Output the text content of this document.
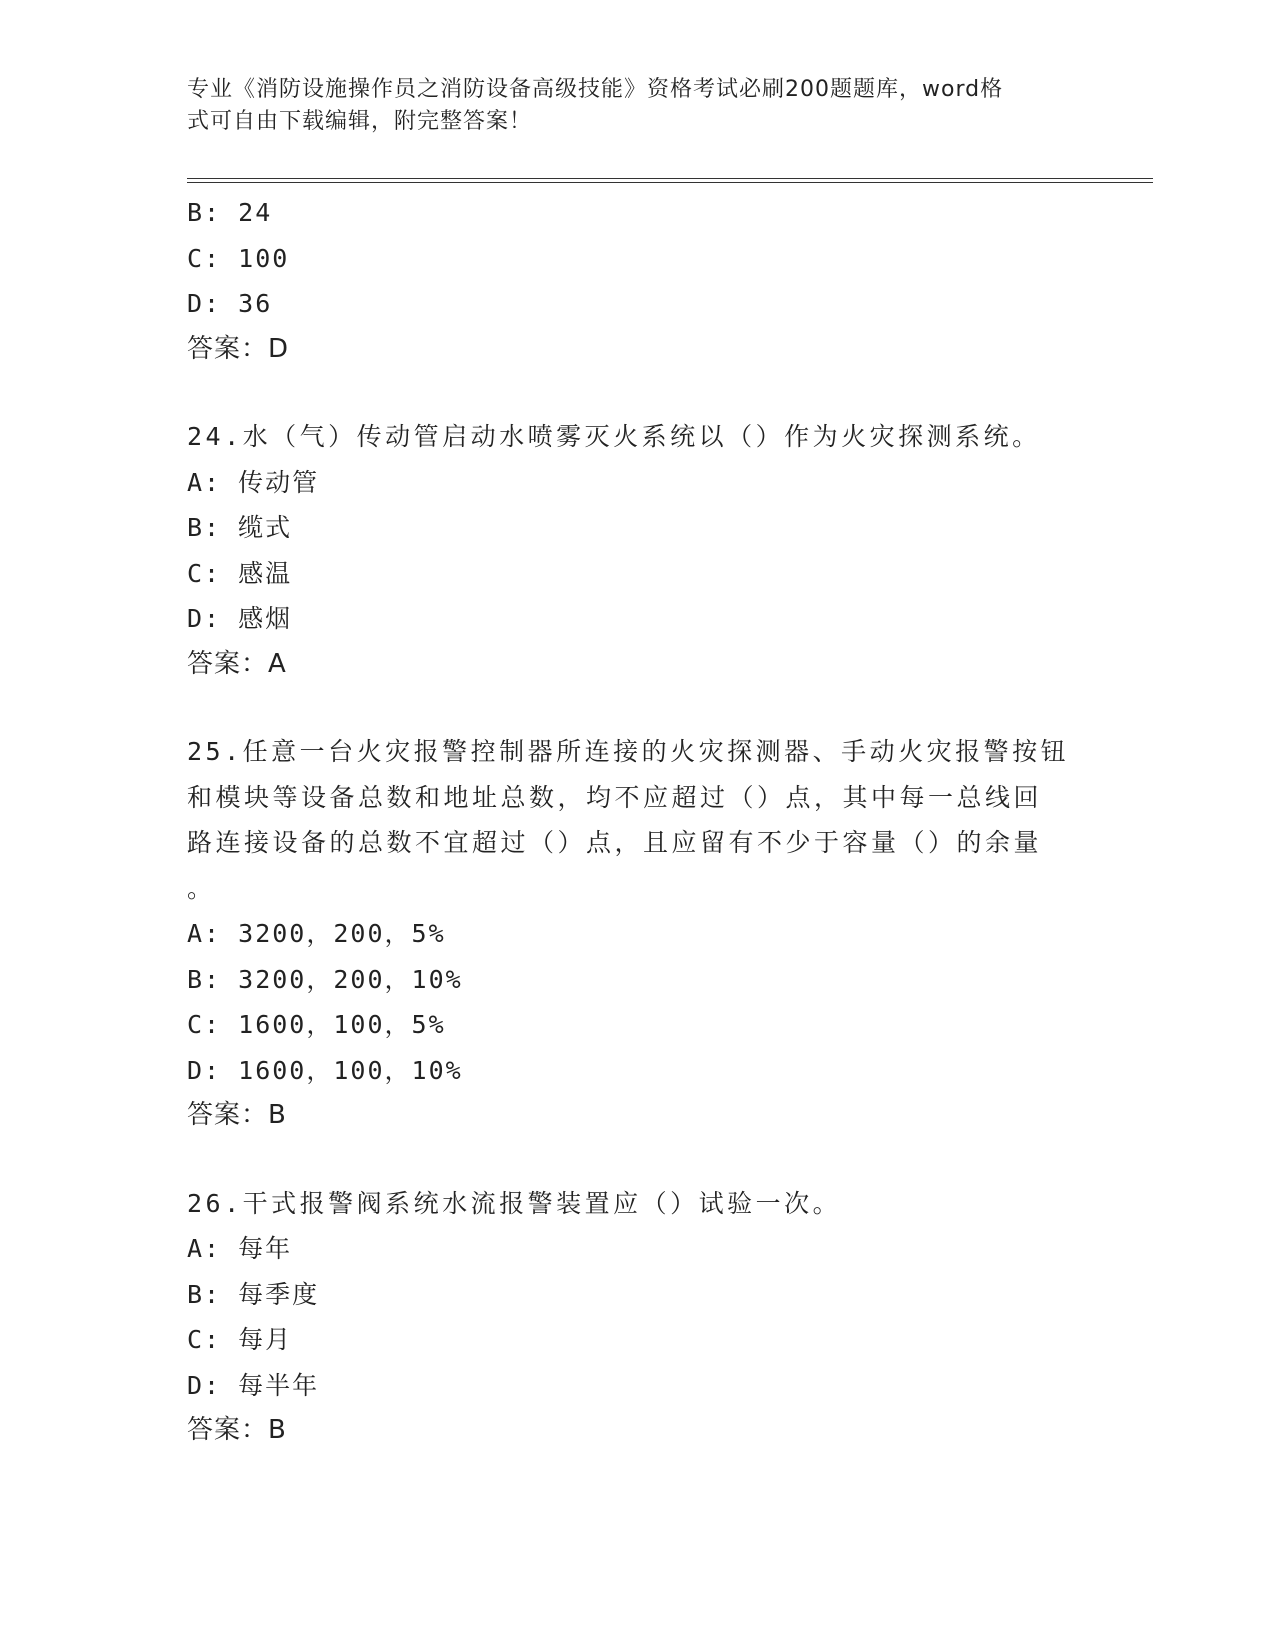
专业《消防设施操作员之消防设备高级技能》资格考试必刷200题题库，word格
式可自由下载编辑，附完整答案！
B: 24
C: 100
D: 36
答案：D
24.水（气）传动管启动水喷雾灭火系统以（）作为火灾探测系统。
A: 传动管
B: 缆式
C: 感温
D: 感烟
答案：A
25.任意一台火灾报警控制器所连接的火灾探测器、手动火灾报警按钮
和模块等设备总数和地址总数，均不应超过（）点，其中每一总线回
路连接设备的总数不宜超过（）点，且应留有不少于容量（）的余量
。
A: 3200，200，5%
B: 3200，200，10%
C: 1600，100，5%
D: 1600，100，10%
答案：B
26.干式报警阀系统水流报警装置应（）试验一次。
A: 每年
B: 每季度
C: 每月
D: 每半年
答案：B
